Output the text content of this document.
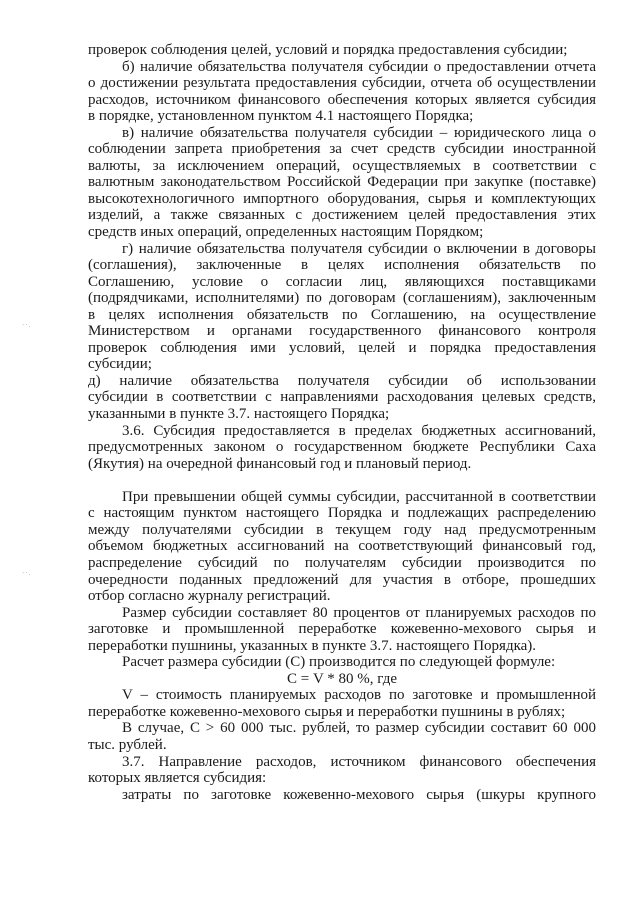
··.
··.
проверок соблюдения целей, условий и порядка предоставления субсидии;
б) наличие обязательства получателя субсидии о предоставлении отчета
о достижении результата предоставления субсидии, отчета об осуществлении
расходов, источником финансового обеспечения которых является субсидия
в порядке, установленном пунктом 4.1 настоящего Порядка;
в) наличие обязательства получателя субсидии – юридического лица о
соблюдении запрета приобретения за счет средств субсидии иностранной
валюты, за исключением операций, осуществляемых в соответствии с
валютным законодательством Российской Федерации при закупке (поставке)
высокотехнологичного импортного оборудования, сырья и комплектующих
изделий, а также связанных с достижением целей предоставления этих
средств иных операций, определенных настоящим Порядком;
г) наличие обязательства получателя субсидии о включении в договоры
(соглашения), заключенные в целях исполнения обязательств по
Соглашению, условие о согласии лиц, являющихся поставщиками
(подрядчиками, исполнителями) по договорам (соглашениям), заключенным
в целях исполнения обязательств по Соглашению, на осуществление
Министерством и органами государственного финансового контроля
проверок соблюдения ими условий, целей и порядка предоставления
субсидии;
д) наличие обязательства получателя субсидии об использовании
субсидии в соответствии с направлениями расходования целевых средств,
указанными в пункте 3.7. настоящего Порядка;
3.6. Субсидия предоставляется в пределах бюджетных ассигнований,
предусмотренных законом о государственном бюджете Республики Саха
(Якутия) на очередной финансовый год и плановый период.
При превышении общей суммы субсидии, рассчитанной в соответствии
с настоящим пунктом настоящего Порядка и подлежащих распределению
между получателями субсидии в текущем году над предусмотренным
объемом бюджетных ассигнований на соответствующий финансовый год,
распределение субсидий по получателям субсидии производится по
очередности поданных предложений для участия в отборе, прошедших
отбор согласно журналу регистраций.
Размер субсидии составляет 80 процентов от планируемых расходов по
заготовке и промышленной переработке кожевенно-мехового сырья и
переработки пушнины, указанных в пункте 3.7. настоящего Порядка).
Расчет размера субсидии (С) производится по следующей формуле:
С = V * 80 %, где
V – стоимость планируемых расходов по заготовке и промышленной
переработке кожевенно-мехового сырья и переработки пушнины в рублях;
В случае, С > 60 000 тыс. рублей, то размер субсидии составит 60 000
тыс. рублей.
3.7. Направление расходов, источником финансового обеспечения
которых является субсидия:
затраты по заготовке кожевенно-мехового сырья (шкуры крупного
